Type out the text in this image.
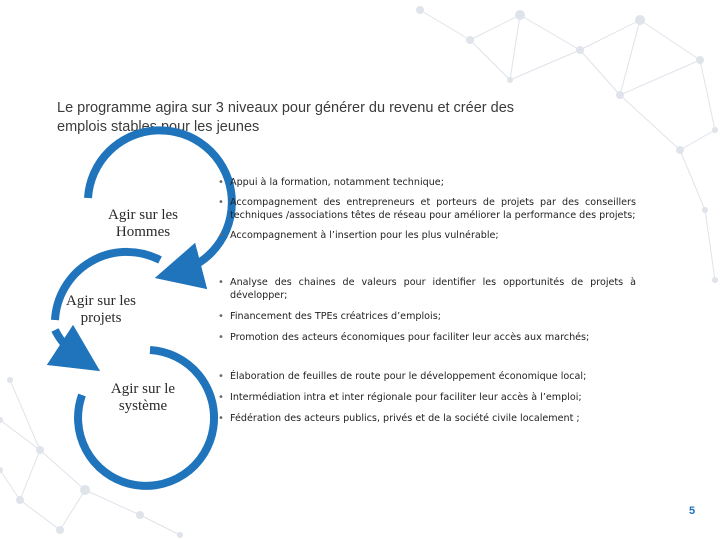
Le programme agira sur 3 niveaux pour générer du revenu et créer des emplois stables pour les jeunes
Agir sur les Hommes
Agir sur les projets
Agir sur le système
• Appui à la formation, notamment technique;
• Accompagnement des entrepreneurs et porteurs de projets par des conseillers techniques /associations têtes de réseau pour améliorer la performance des projets;
• Accompagnement à l’insertion pour les plus vulnérable;
• Analyse des chaines de valeurs pour identifier les opportunités de projets à développer;
• Financement des TPEs créatrices d’emplois;
• Promotion des acteurs économiques pour faciliter leur accès aux marchés;
• Élaboration de feuilles de route pour le développement économique local;
• Intermédiation intra et inter régionale pour faciliter leur accès à l’emploi;
• Fédération des acteurs publics, privés et de la société civile localement ;
5
